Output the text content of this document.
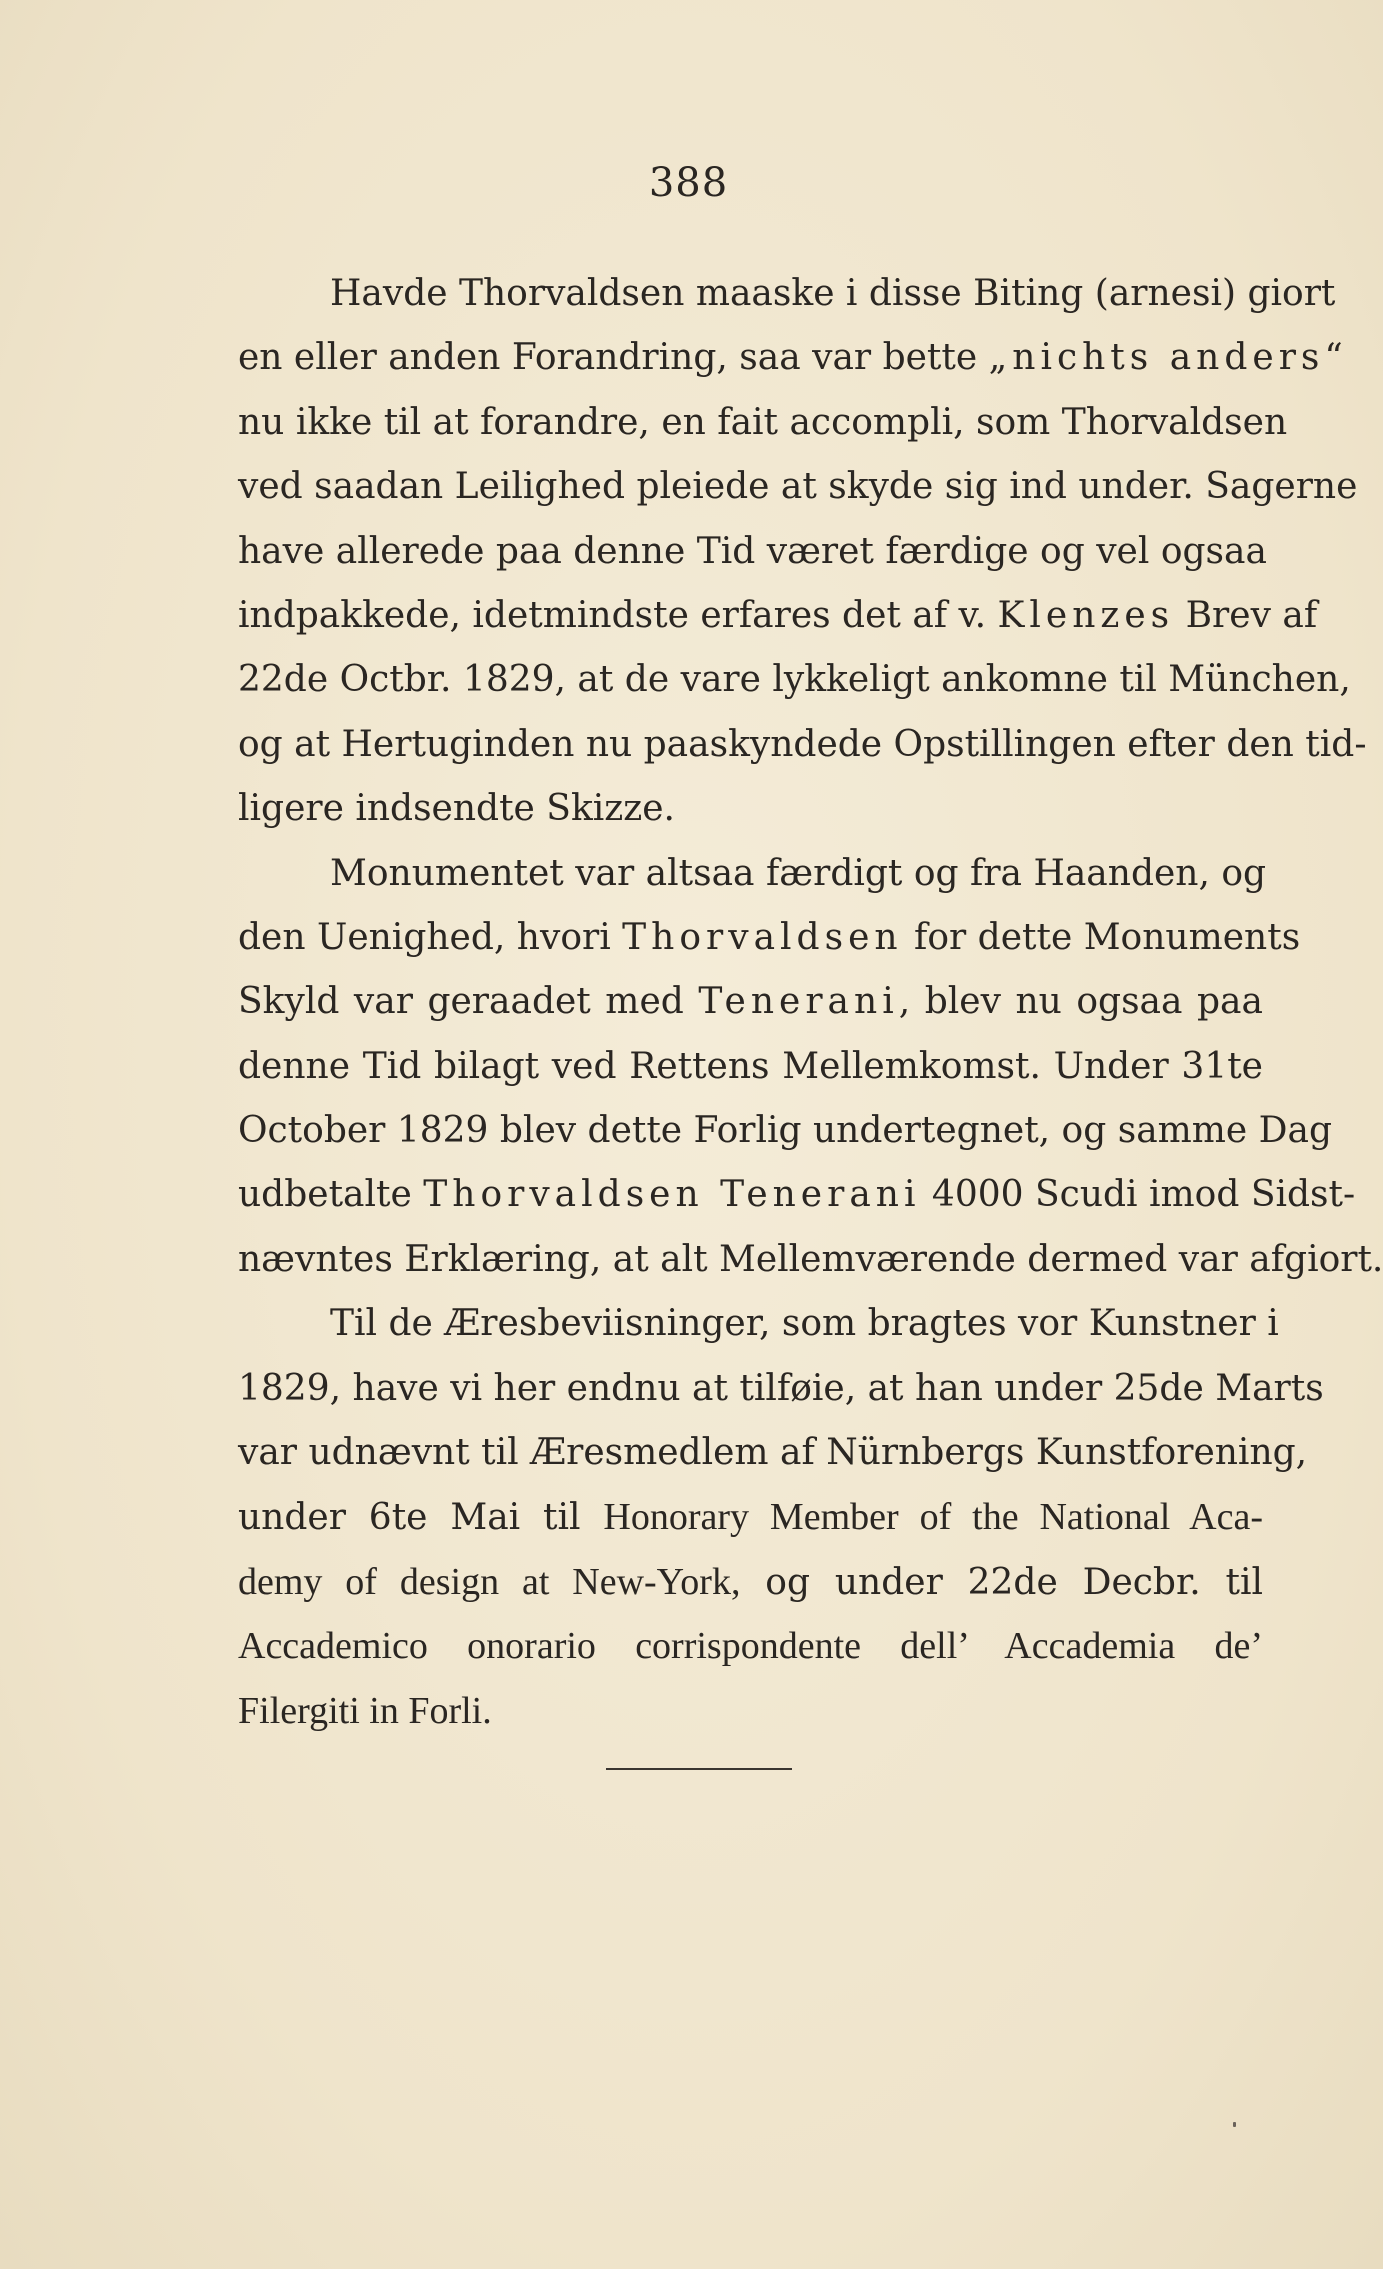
388
Havde Thorvaldsen maaske i disse Biting (arnesi) giort
en eller anden Forandring, saa var bette „nichts anders“
nu ikke til at forandre, en fait accompli, som Thorvaldsen
ved saadan Leilighed pleiede at skyde sig ind under. Sagerne
have allerede paa denne Tid været færdige og vel ogsaa
indpakkede, idetmindste erfares det af v. Klenzes Brev af
22de Octbr. 1829, at de vare lykkeligt ankomne til München,
og at Hertuginden nu paaskyndede Opstillingen efter den tid-
ligere indsendte Skizze.
Monumentet var altsaa færdigt og fra Haanden, og
den Uenighed, hvori Thorvaldsen for dette Monuments
Skyld var geraadet med Tenerani, blev nu ogsaa paa
denne Tid bilagt ved Rettens Mellemkomst. Under 31te
October 1829 blev dette Forlig undertegnet, og samme Dag
udbetalte Thorvaldsen Tenerani 4000 Scudi imod Sidst-
nævntes Erklæring, at alt Mellemværende dermed var afgiort.
Til de Æresbeviisninger, som bragtes vor Kunstner i
1829, have vi her endnu at tilføie, at han under 25de Marts
var udnævnt til Æresmedlem af Nürnbergs Kunstforening,
under 6te Mai til Honorary Member of the National Aca-
demy of design at New-York, og under 22de Decbr. til
Accademico onorario corrispondente dell’ Accademia de’
Filergiti in Forli.
